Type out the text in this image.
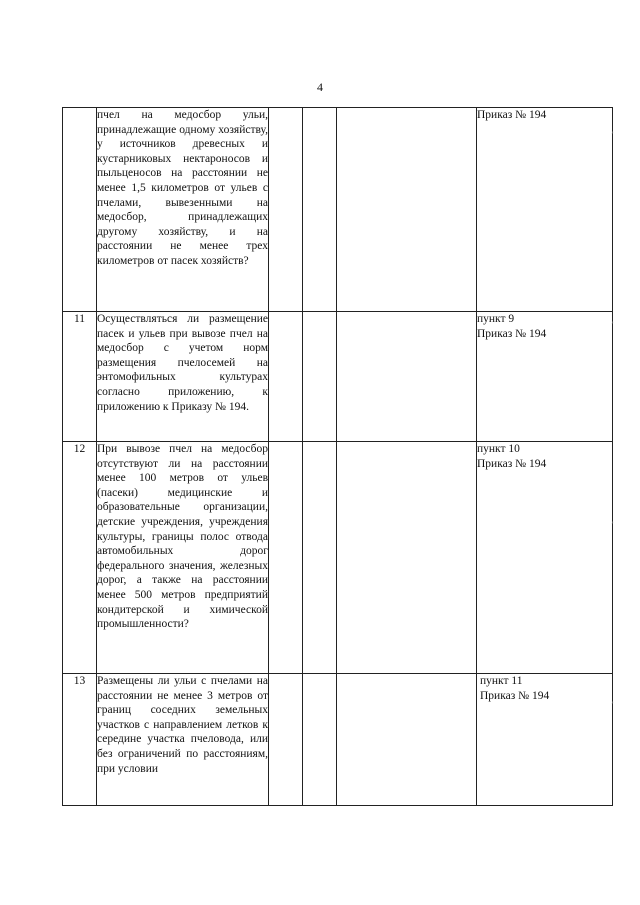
4

	пчел на медосбор ульи, принадлежащие одному хозяйству, у источников древесных и кустарниковых нектароносов и пыльценосов на расстоянии не менее 1,5 километров от ульев с пчелами, вывезенными на медосбор, принадлежащих другому хозяйству, и на расстоянии не менее трех километров от пасек хозяйств?				Приказ № 194

11	Осуществляться ли размещение пасек и ульев при вывозе пчел на медосбор с учетом норм размещения пчелосемей на энтомофильных культурах согласно приложению, к приложению к Приказу № 194.				пункт 9
Приказ № 194

12	При вывозе пчел на медосбор отсутствуют ли на расстоянии менее 100 метров от ульев (пасеки) медицинские и образовательные организации, детские учреждения, учреждения культуры, границы полос отвода автомобильных дорог федерального значения, железных дорог, а также на расстоянии менее 500 метров предприятий кондитерской и химической промышленности?				пункт 10
Приказ № 194

13	Размещены ли ульи с пчелами на расстоянии не менее 3 метров от границ соседних земельных участков с направлением летков к середине участка пчеловода, или без ограничений по расстояниям, при условии				пункт 11
Приказ № 194
ʼ
ʼ
ʼ
ʼ
